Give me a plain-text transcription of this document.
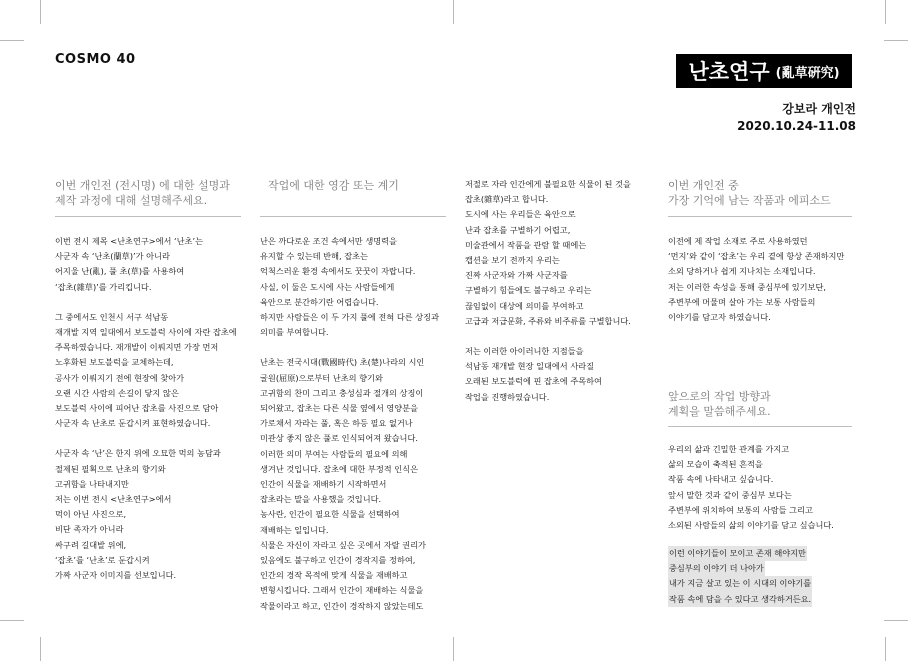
COSMO 40
난초연구 (亂草硏究)
강보라 개인전
2020.10.24-11.08
이번 개인전 (전시명) 에 대한 설명과
제작 과정에 대해 설명해주세요.

이번 전시 제목 <난초연구>에서 ‘난초’는

사군자 속 ‘난초(蘭草)’가 아니라

어지울 난(亂), 풀 초(草)를 사용하여

‘잡초(雜草)’를 가리킵니다.

그 중에서도 인천시 서구 석남동

재개발 지역 일대에서 보도블럭 사이에 자란 잡초에

주목하였습니다. 재개발이 이뤄지면 가장 먼저

노후화된 보도블럭을 교체하는데,

공사가 이뤄지기 전에 현장에 찾아가

오랜 시간 사람의 손길이 닿지 않은

보도블럭 사이에 피어난 잡초를 사진으로 담아

사군자 속 난초로 둔갑시켜 표현하였습니다.

사군자 속 ‘난’은 한지 위에 오묘한 먹의 농담과

절제된 필획으로 난초의 향기와

고귀함을 나타내지만

저는 이번 전시 <난초연구>에서

먹이 아닌 사진으로,

비단 족자가 아니라

싸구려 길대발 위에,

‘잡초’를 ‘난초’로 둔갑시켜

가짜 사군자 이미지를 선보입니다.

작업에 대한 영감 또는 계기

난은 까다로운 조건 속에서만 생명력을

유지할 수 있는데 반해, 잡초는

억척스러운 환경 속에서도 꿋꿋이 자랍니다.

사실, 이 둘은 도시에 사는 사람들에게

육안으로 분간하기란 어렵습니다.

하지만 사람들은 이 두 가지 풀에 전혀 다른 상징과

의미를 부여합니다.

난초는 전국시대(戰國時代) 초(楚)나라의 시인

굴원(屈原)으로부터 난초의 향기와

고귀함의 찬미 그리고 충성심과 절개의 상징이

되어왔고, 잡초는 다른 식물 옆에서 영양분을

가로채서 자라는 풀, 혹은 하등 필요 없거나

미관상 좋지 않은 풀로 인식되어져 왔습니다.

이러한 의미 부여는 사람들의 필요에 의해

생겨난 것입니다. 잡초에 대한 부정적 인식은

인간이 식물을 재배하기 시작하면서

잡초라는 말을 사용했을 것입니다.

농사란, 인간이 필요한 식물을 선택하여

재배하는 일입니다.

식물은 자신이 자라고 싶은 곳에서 자랄 권리가

있음에도 불구하고 인간이 경작지를 정하여,

인간의 경작 목적에 맞게 식물을 재배하고

변형시킵니다. 그래서 인간이 재배하는 식물을

작물이라고 하고, 인간이 경작하지 않았는데도

저절로 자라 인간에게 불필요한 식물이 된 것을

잡초(雜草)라고 합니다.

도시에 사는 우리들은 육안으로

난과 잡초를 구별하기 어렵고,

미술관에서 작품을 관람 할 때에는

캡션을 보기 전까지 우리는

진짜 사군자와 가짜 사군자를

구별하기 힘들에도 불구하고 우리는

끊임없이 대상에 의미를 부여하고

고급과 저급문화, 주류와 비주류를 구별합니다.

저는 이러한 아이러니한 지점들을

석남동 재개발 현장 일대에서 사라질

오래된 보도블럭에 핀 잡초에 주목하여

작업을 진행하였습니다.

이번 개인전 중
가장 기억에 남는 작품과 에피소드

이전에 제 작업 소재로 주로 사용하였던

‘먼지’와 같이 ‘잡초’는 우리 곁에 항상 존재하지만

소외 당하거나 쉽게 지나치는 소재입니다.

저는 이러한 속성을 통해 중심부에 있기보단,

주변부에 머물며 살아 가는 보통 사람들의

이야기를 담고자 하였습니다.

앞으로의 작업 방향과
계획을 말씀해주세요.

우리의 삶과 긴밀한 관계를 가지고

삶의 모습이 축적된 흔적을

작품 속에 나타내고 싶습니다.

앞서 말한 것과 같이 중심부 보다는

주변부에 위치하여 보통의 사람들 그리고

소외된 사람들의 삶의 이야기를 담고 싶습니다.

이런 이야기들이 모이고 존재 해야지만

중심부의 이야기 더 나아가

내가 지금 살고 있는 이 시대의 이야기를

작품 속에 담을 수 있다고 생각하거든요.
